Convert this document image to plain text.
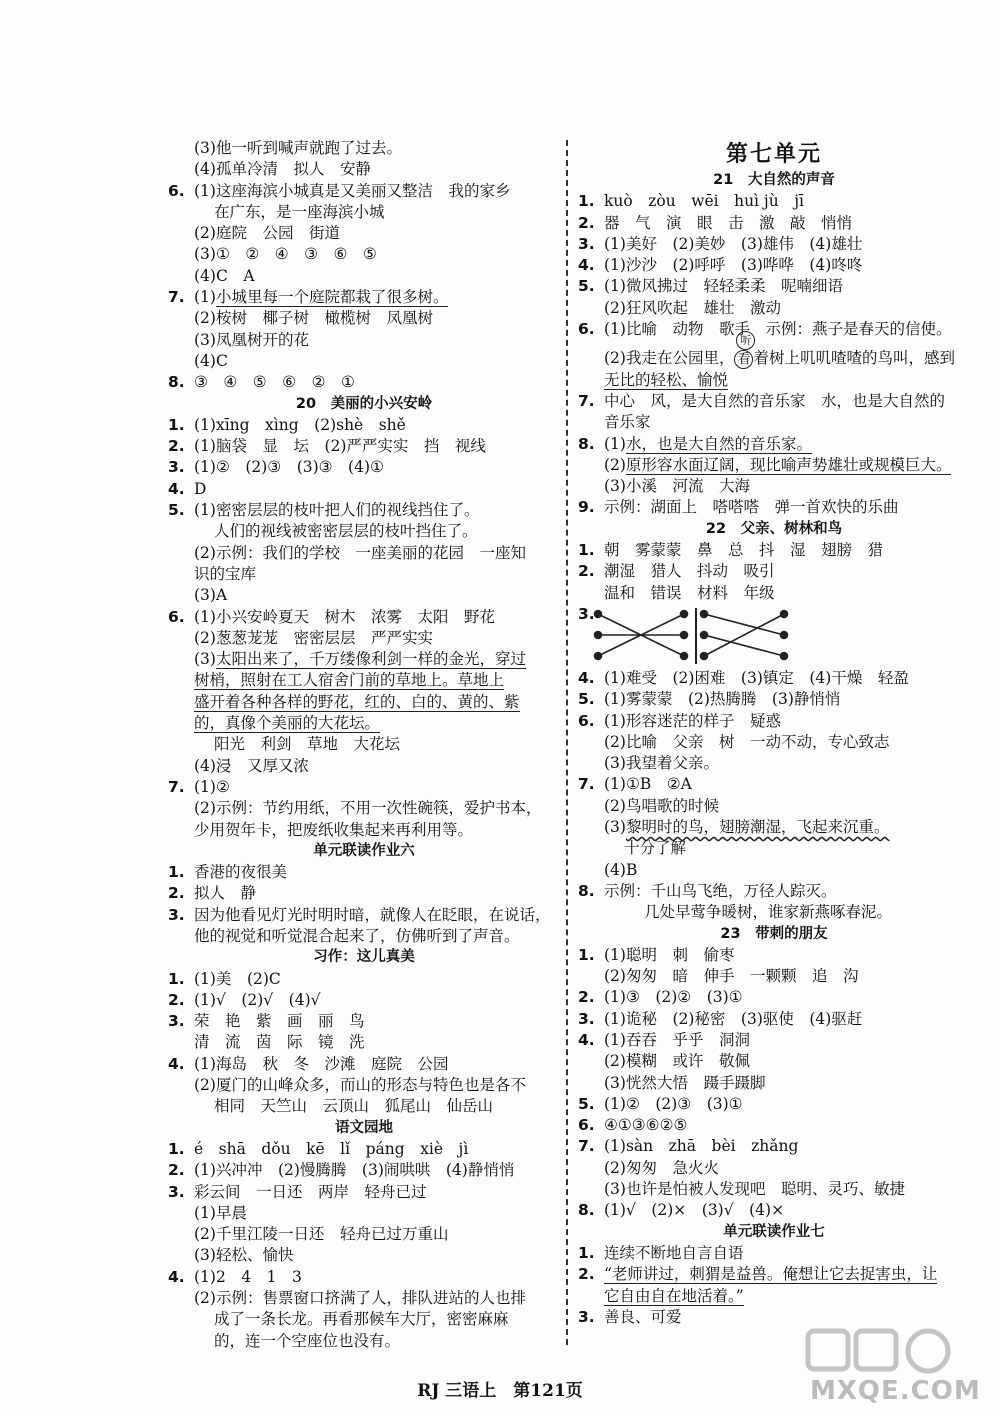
(3)他一听到喊声就跑了过去。
(4)孤单冷清　拟人　安静
6. (1)这座海滨小城真是又美丽又整洁　我的家乡
在广东，是一座海滨小城
(2)庭院　公园　街道
(3)①　②　④　③　⑥　⑤
(4)C　A
7. (1)小城里每一个庭院都栽了很多树。
(2)桉树　椰子树　橄榄树　凤凰树
(3)凤凰树开的花
(4)C
8. ③　④　⑤　⑥　②　①
20　美丽的小兴安岭
1. (1)xīng　xìng　(2)shè　shě
2. (1)脑袋　显　坛　(2)严严实实　挡　视线
3. (1)②　(2)③　(3)③　(4)①
4. D
5. (1)密密层层的枝叶把人们的视线挡住了。
人们的视线被密密层层的枝叶挡住了。
(2)示例：我们的学校　一座美丽的花园　一座知
识的宝库
(3)A
6. (1)小兴安岭夏天　树木　浓雾　太阳　野花
(2)葱葱茏茏　密密层层　严严实实
(3)太阳出来了，千万缕像利剑一样的金光，穿过
树梢，照射在工人宿舍门前的草地上。草地上
盛开着各种各样的野花，红的、白的、黄的、紫
的，真像个美丽的大花坛。
阳光　利剑　草地　大花坛
(4)浸　又厚又浓
7. (1)②
(2)示例：节约用纸，不用一次性碗筷，爱护书本，
少用贺年卡，把废纸收集起来再利用等。
单元联读作业六
1. 香港的夜很美
2. 拟人　静
3. 因为他看见灯光时明时暗，就像人在眨眼，在说话，
他的视觉和听觉混合起来了，仿佛听到了声音。
习作：这儿真美
1. (1)美　(2)C
2. (1)√　(2)√　(4)√
3. 荣　艳　紫　画　丽　鸟
清　流　茵　际　镜　洗
4. (1)海岛　秋　冬　沙滩　庭院　公园
(2)厦门的山峰众多，而山的形态与特色也是各不
相同　天竺山　云顶山　狐尾山　仙岳山
语文园地
1. é　shā　dǒu　kē　lǐ　páng　xiè　jì
2. (1)兴冲冲　(2)慢腾腾　(3)闹哄哄　(4)静悄悄
3. 彩云间　一日还　两岸　轻舟已过
(1)早晨
(2)千里江陵一日还　轻舟已过万重山
(3)轻松、愉快
4. (1)2　4　1　3
(2)示例：售票窗口挤满了人，排队进站的人也排
成了一条长龙。再看那候车大厅，密密麻麻
的，连一个空座位也没有。
第七单元
21　大自然的声音
1. kuò　zòu　wēi　huì jù　jī
2. 器　气　演　眼　击　激　敲　悄悄
3. (1)美好　(2)美妙　(3)雄伟　(4)雄壮
4. (1)沙沙　(2)呼呼　(3)哗哗　(4)咚咚
5. (1)微风拂过　轻轻柔柔　呢喃细语
(2)狂风吹起　雄壮　激动
6. (1)比喻　动物　歌手　示例：燕子是春天的信使。
(2)我走在公园里， 看
听
着树上叽叽喳喳的鸟叫，感到
无比的轻松、愉悦
7. 中心　风，是大自然的音乐家　水，也是大自然的
音乐家
8. (1)水，也是大自然的音乐家。
(2)原形容水面辽阔，现比喻声势雄壮或规模巨大。
(3)小溪　河流　大海
9. 示例：湖面上　嗒嗒嗒　弹一首欢快的乐曲
22　父亲、树林和鸟
1. 朝　雾蒙蒙　鼻　总　抖　湿　翅膀　猎
2. 潮湿　猎人　抖动　吸引
温和　错误　材料　年级
3.
4. (1)难受　(2)困难　(3)镇定　(4)干燥　轻盈
5. (1)雾蒙蒙　(2)热腾腾　(3)静悄悄
6. (1)形容迷茫的样子　疑惑
(2)比喻　父亲　树　一动不动，专心致志
(3)我望着父亲。
7. (1)①B　②A
(2)鸟唱歌的时候
(3)黎明时的鸟，翅膀潮湿，飞起来沉重。
十分了解
(4)B
8. 示例：千山鸟飞绝，万径人踪灭。
几处早莺争暖树，谁家新燕啄春泥。
23　带刺的朋友
1. (1)聪明　刺　偷枣
(2)匆匆　暗　伸手　一颗颗　追　沟
2. (1)③　(2)②　(3)①
3. (1)诡秘　(2)秘密　(3)驱使　(4)驱赶
4. (1)吞吞　乎乎　洞洞
(2)模糊　或许　敬佩
(3)恍然大悟　蹑手蹑脚
5. (1)②　(2)③　(3)①
6. ④①③⑥②⑤
7. (1)sàn　zhā　bèi　zhǎng
(2)匆匆　急火火
(3)也许是怕被人发现吧　聪明、灵巧、敏捷
8. (1)√　(2)×　(3)√　(4)×
单元联读作业七
1. 连续不断地自言自语
2. “老师讲过，刺猬是益兽。俺想让它去捉害虫，让
它自由自在地活着。”
3. 善良、可爱
RJ 三语上　第121页	MXQE.COM
